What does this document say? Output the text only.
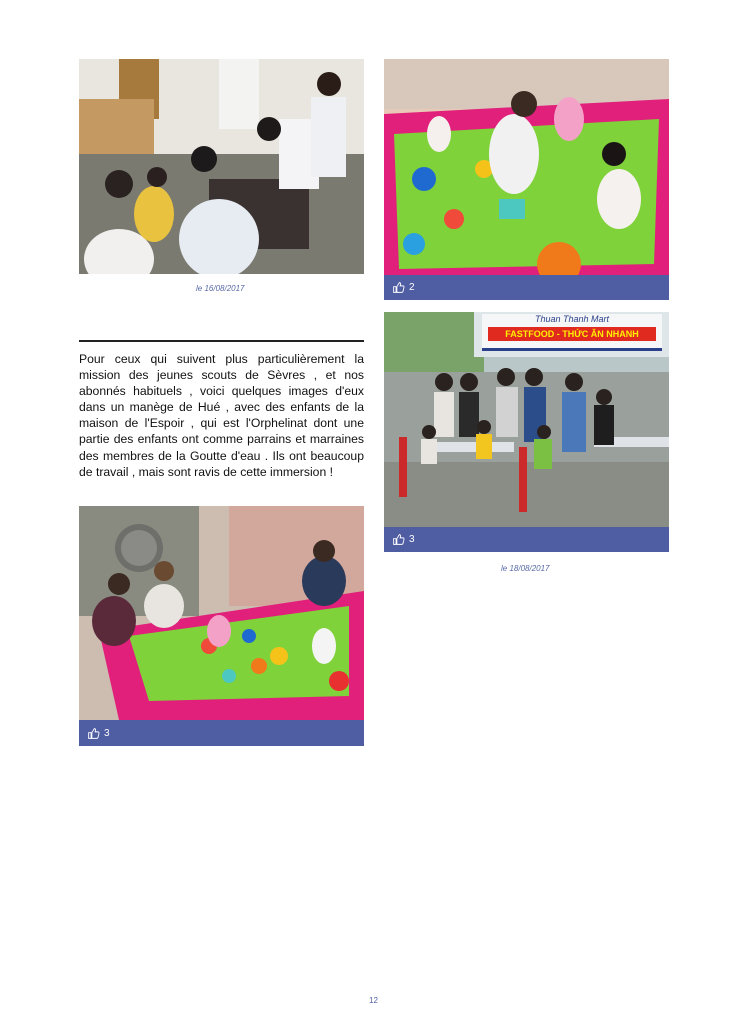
le 16/08/2017	2
Pour ceux qui suivent plus particulièrement la mission des jeunes scouts de Sèvres , et nos abonnés habituels , voici quelques images d'eux dans un manège de Hué , avec des enfants de la maison de l'Espoir , qui est l'Orphelinat dont une partie des enfants ont comme parrains et marraines des membres de la Goutte d'eau . Ils ont beaucoup de travail , mais sont ravis de cette immersion !
Thuan Thanh Mart
FASTFOOD - THỨC ĂN NHANH
3
le 18/08/2017
3
12
